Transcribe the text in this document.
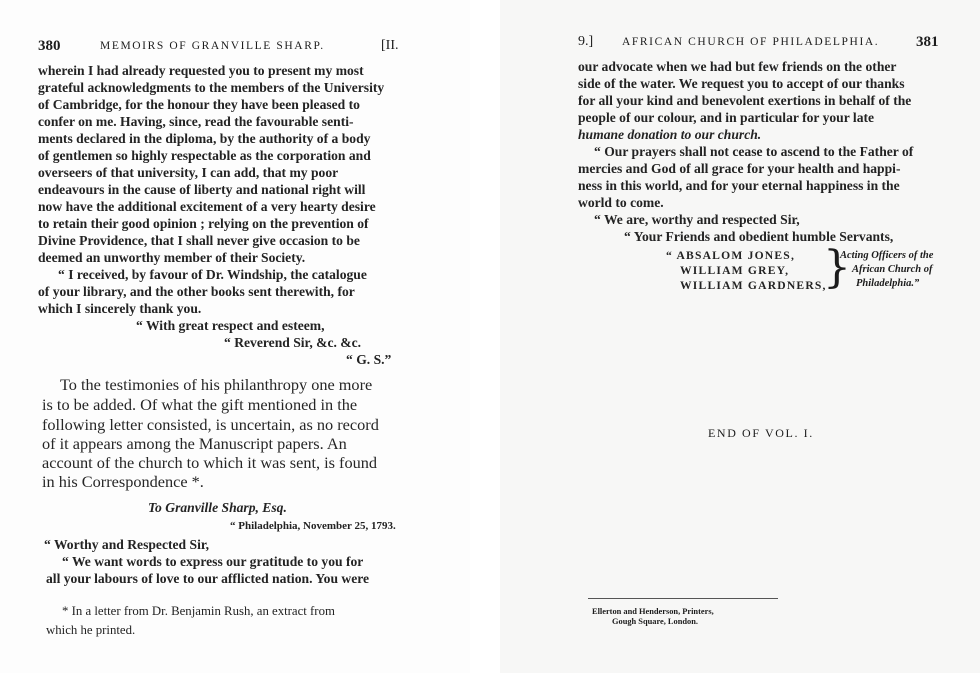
380	MEMOIRS OF GRANVILLE SHARP.	[II.
wherein I had already requested you to present my most
grateful acknowledgments to the members of the University
of Cambridge, for the honour they have been pleased to
confer on me. Having, since, read the favourable senti-
ments declared in the diploma, by the authority of a body
of gentlemen so highly respectable as the corporation and
overseers of that university, I can add, that my poor
endeavours in the cause of liberty and national right will
now have the additional excitement of a very hearty desire
to retain their good opinion ; relying on the prevention of
Divine Providence, that I shall never give occasion to be
deemed an unworthy member of their Society.
“ I received, by favour of Dr. Windship, the catalogue
of your library, and the other books sent therewith, for
which I sincerely thank you.
“ With great respect and esteem,
“ Reverend Sir, &c. &c.
“ G. S.”
To the testimonies of his philanthropy one more
is to be added. Of what the gift mentioned in the
following letter consisted, is uncertain, as no record
of it appears among the Manuscript papers. An
account of the church to which it was sent, is found
in his Correspondence *.
To Granville Sharp, Esq.
“ Philadelphia, November 25, 1793.
“ Worthy and Respected Sir,
“ We want words to express our gratitude to you for
all your labours of love to our afflicted nation. You were
* In a letter from Dr. Benjamin Rush, an extract from
which he printed.
9.]	AFRICAN CHURCH OF PHILADELPHIA. 381
our advocate when we had but few friends on the other
side of the water. We request you to accept of our thanks
for all your kind and benevolent exertions in behalf of the
people of our colour, and in particular for your late
humane donation to our church.
“ Our prayers shall not cease to ascend to the Father of
mercies and God of all grace for your health and happi-
ness in this world, and for your eternal happiness in the
world to come.
“ We are, worthy and respected Sir,
“ Your Friends and obedient humble Servants,
“ ABSALOM JONES,
WILLIAM GREY,
WILLIAM GARDNERS,
}
Acting Officers of the
African Church of
Philadelphia.”
END OF VOL. I.
Ellerton and Henderson, Printers,
Gough Square, London.
